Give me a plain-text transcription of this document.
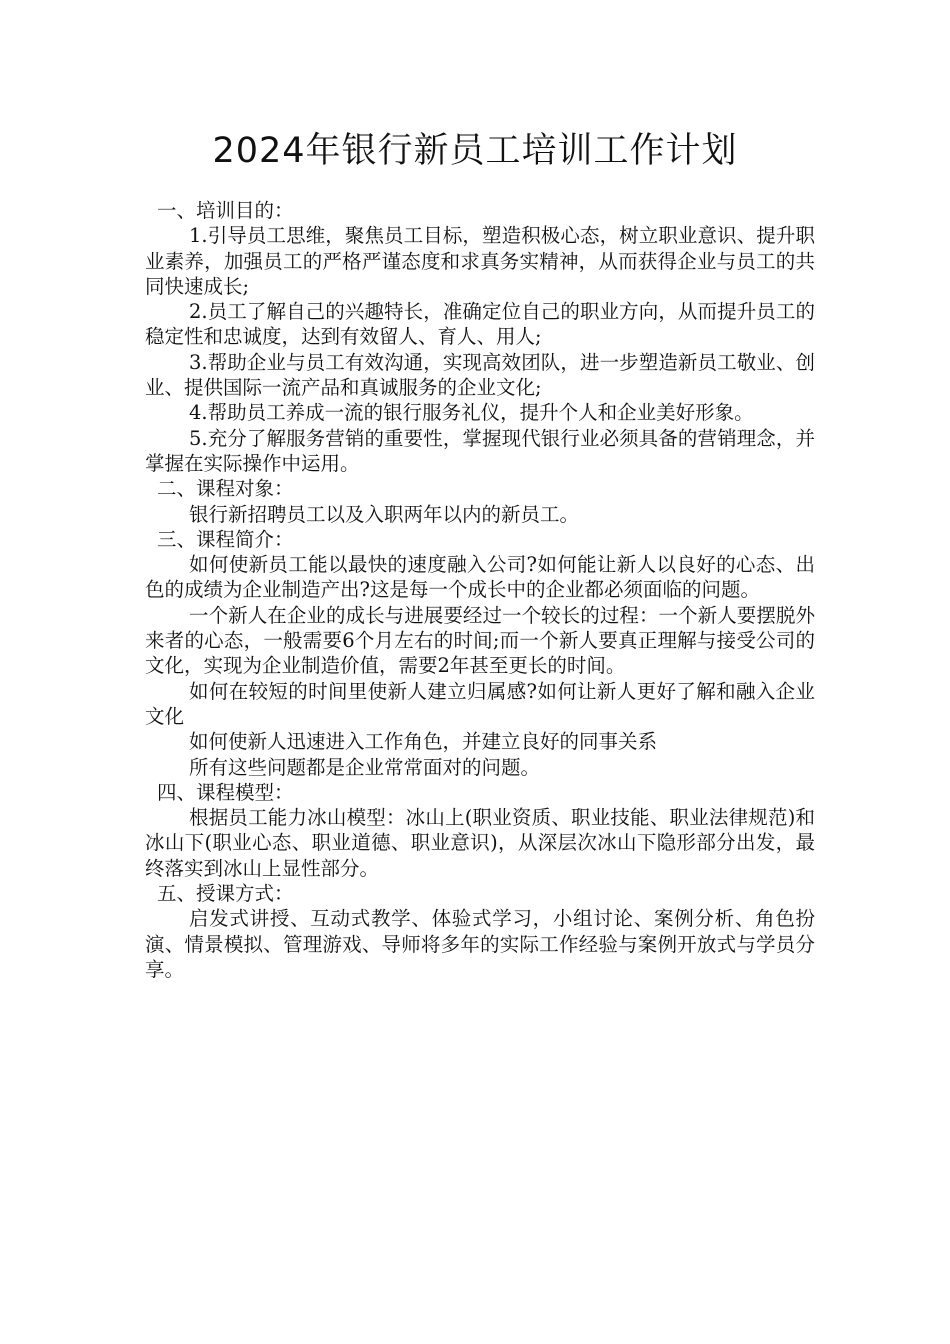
2024年银行新员工培训工作计划

一、培训目的：

1.引导员工思维，聚焦员工目标，塑造积极心态，树立职业意识、提升职业素养，加强员工的严格严谨态度和求真务实精神，从而获得企业与员工的共同快速成长;

2.员工了解自己的兴趣特长，准确定位自己的职业方向，从而提升员工的稳定性和忠诚度，达到有效留人、育人、用人;

3.帮助企业与员工有效沟通，实现高效团队，进一步塑造新员工敬业、创业、提供国际一流产品和真诚服务的企业文化;

4.帮助员工养成一流的银行服务礼仪，提升个人和企业美好形象。

5.充分了解服务营销的重要性，掌握现代银行业必须具备的营销理念，并掌握在实际操作中运用。

二、课程对象：

银行新招聘员工以及入职两年以内的新员工。

三、课程简介：

如何使新员工能以最快的速度融入公司?如何能让新人以良好的心态、出色的成绩为企业制造产出?这是每一个成长中的企业都必须面临的问题。

一个新人在企业的成长与进展要经过一个较长的过程：一个新人要摆脱外来者的心态，一般需要6个月左右的时间;而一个新人要真正理解与接受公司的文化，实现为企业制造价值，需要2年甚至更长的时间。

如何在较短的时间里使新人建立归属感?如何让新人更好了解和融入企业文化

如何使新人迅速进入工作角色，并建立良好的同事关系

所有这些问题都是企业常常面对的问题。

四、课程模型：

根据员工能力冰山模型：冰山上(职业资质、职业技能、职业法律规范)和冰山下(职业心态、职业道德、职业意识)，从深层次冰山下隐形部分出发，最终落实到冰山上显性部分。

五、授课方式：

启发式讲授、互动式教学、体验式学习，小组讨论、案例分析、角色扮演、情景模拟、管理游戏、导师将多年的实际工作经验与案例开放式与学员分享。
